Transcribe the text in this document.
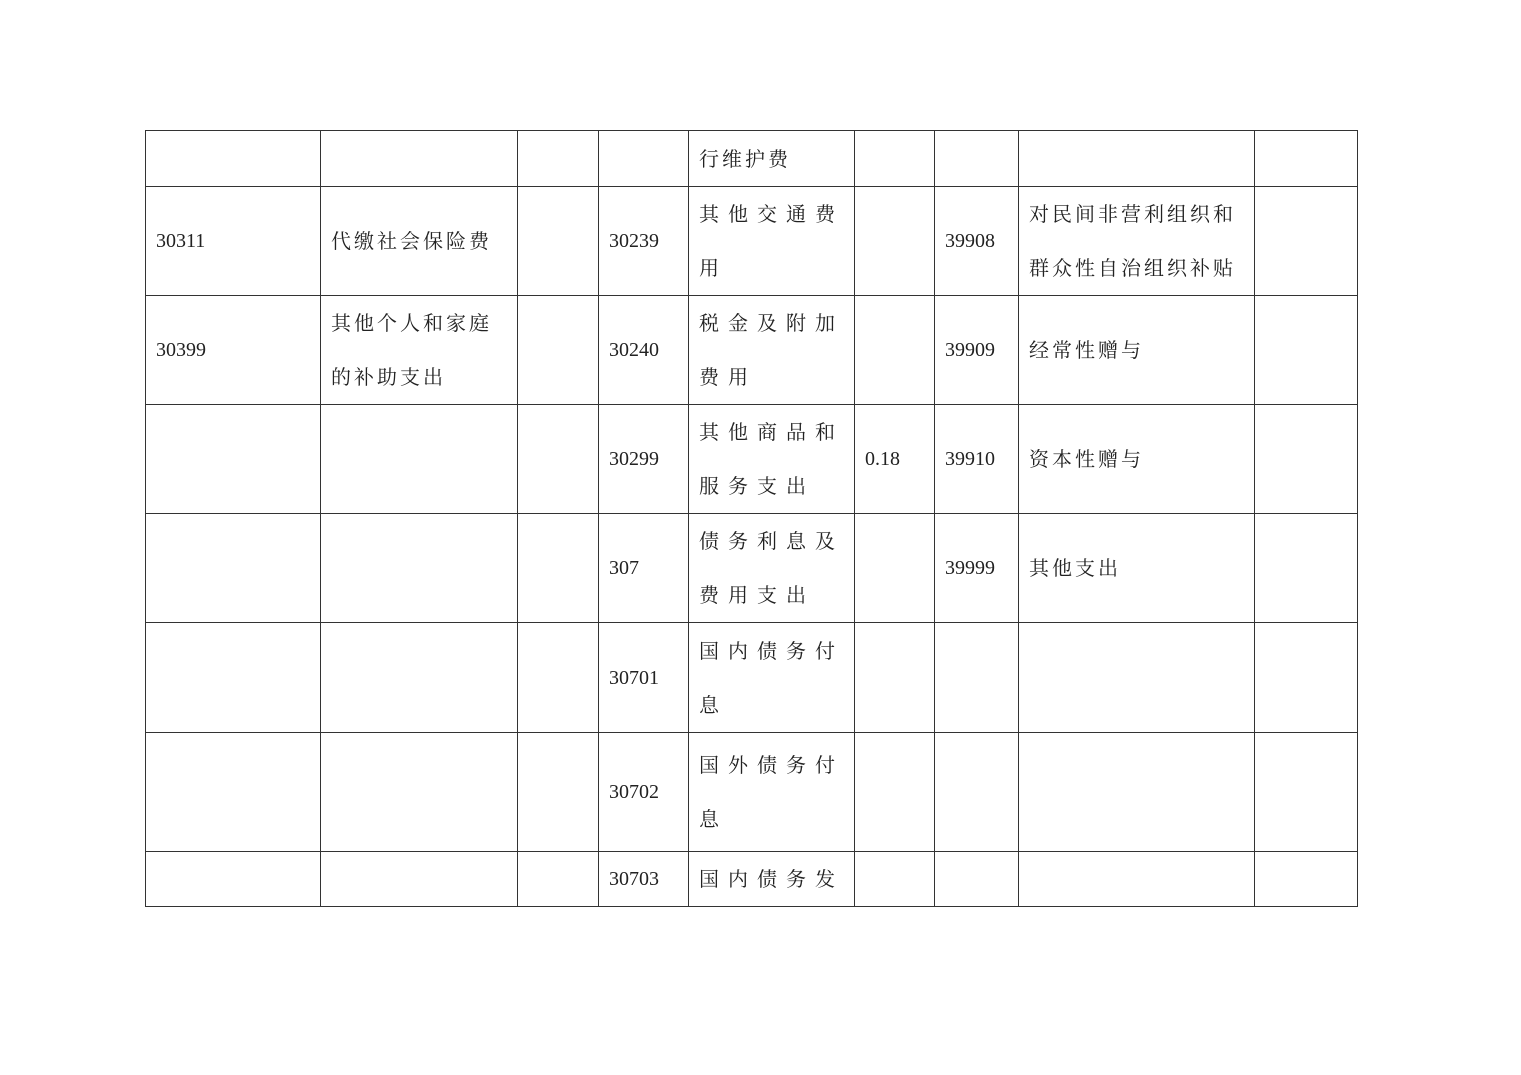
				行维护费				
30311	代缴社会保险费		30239	其他交通费用		39908	对民间非营利组织和群众性自治组织补贴	
30399	其他个人和家庭的补助支出		30240	税金及附加费用		39909	经常性赠与	
			30299	其他商品和服务支出	0.18	39910	资本性赠与	
			307	债务利息及费用支出		39999	其他支出	
			30701	国内债务付息				
			30702	国外债务付息				
			30703	国内债务发				
